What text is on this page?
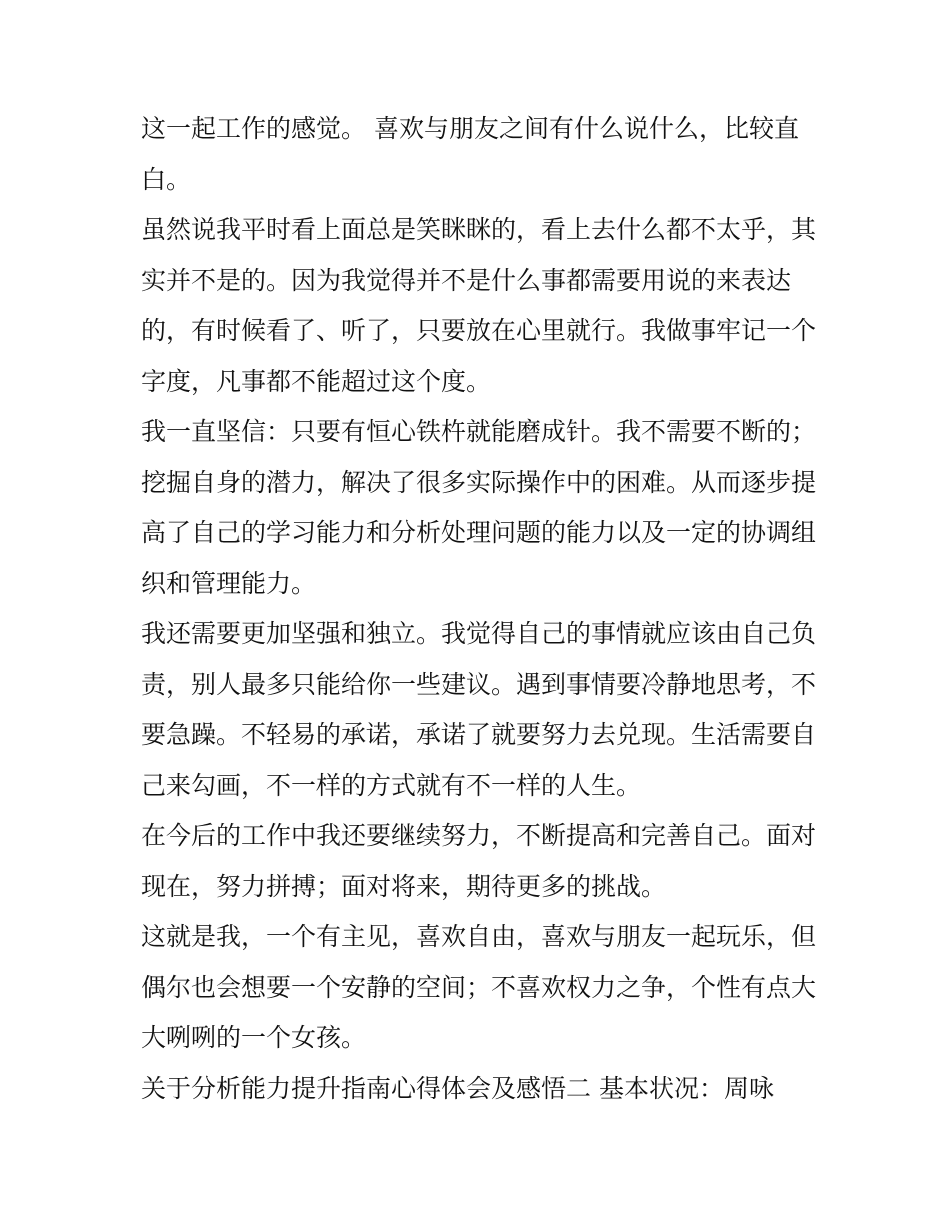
这一起工作的感觉。 喜欢与朋友之间有什么说什么，比较直
白。
虽然说我平时看上面总是笑眯眯的，看上去什么都不太乎，其
实并不是的。因为我觉得并不是什么事都需要用说的来表达
的，有时候看了、听了，只要放在心里就行。我做事牢记一个
字度，凡事都不能超过这个度。
我一直坚信：只要有恒心铁杵就能磨成针。我不需要不断的；
挖掘自身的潜力，解决了很多实际操作中的困难。从而逐步提
高了自己的学习能力和分析处理问题的能力以及一定的协调组
织和管理能力。
我还需要更加坚强和独立。我觉得自己的事情就应该由自己负
责，别人最多只能给你一些建议。遇到事情要冷静地思考，不
要急躁。不轻易的承诺，承诺了就要努力去兑现。生活需要自
己来勾画，不一样的方式就有不一样的人生。
在今后的工作中我还要继续努力，不断提高和完善自己。面对
现在，努力拼搏；面对将来，期待更多的挑战。
这就是我，一个有主见，喜欢自由，喜欢与朋友一起玩乐，但
偶尔也会想要一个安静的空间；不喜欢权力之争，个性有点大
大咧咧的一个女孩。
关于分析能力提升指南心得体会及感悟二 基本状况：周咏
